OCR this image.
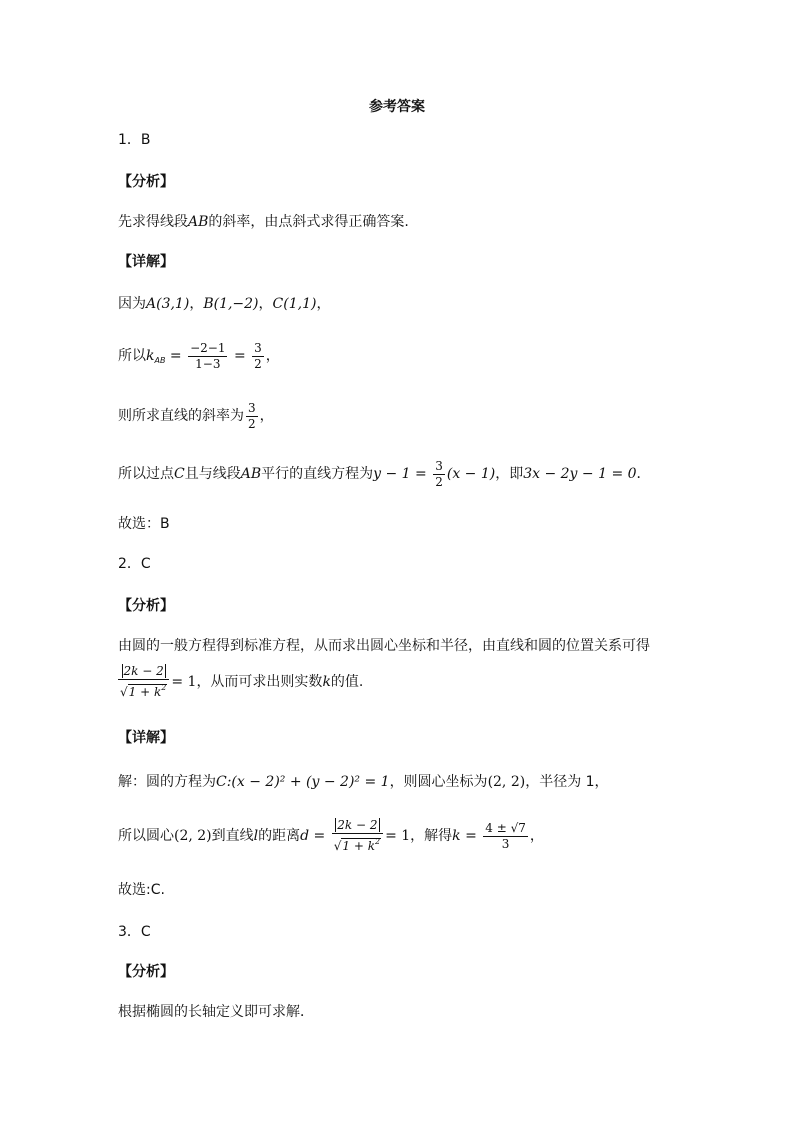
参考答案
1．B
【分析】
先求得线段AB的斜率，由点斜式求得正确答案.
【详解】
因为A(3,1)，B(1,−2)，C(1,1)，
所以$k_{AB} = \frac{-2-1}{1-3} = \frac{3}{2}$ ，
则所求直线的斜率为 $\frac{3}{2}$ ，
所以过点C且与线段AB平行的直线方程为$y - 1 = \frac{3}{2} (x - 1)$，即3x − 2y − 1 = 0．
故选：B
2．C
【分析】
由圆的一般方程得到标准方程，从而求出圆心坐标和半径，由直线和圆的位置关系可得
$\frac{2k - 2}{√1 + k^2} = 1$，从而可求出则实数k的值.
【详解】
解：圆的方程为C:(x − 2)² + (y − 2)² = 1，则圆心坐标为(2, 2)，半径为 1，
所以圆心(2, 2)到直线l的距离$d = \frac{2k - 2}{√1 + k^2} = 1$，解得$k = \frac{4 \pm √7}{3}$ ，
故选:C.
3．C
【分析】
根据椭圆的长轴定义即可求解．
